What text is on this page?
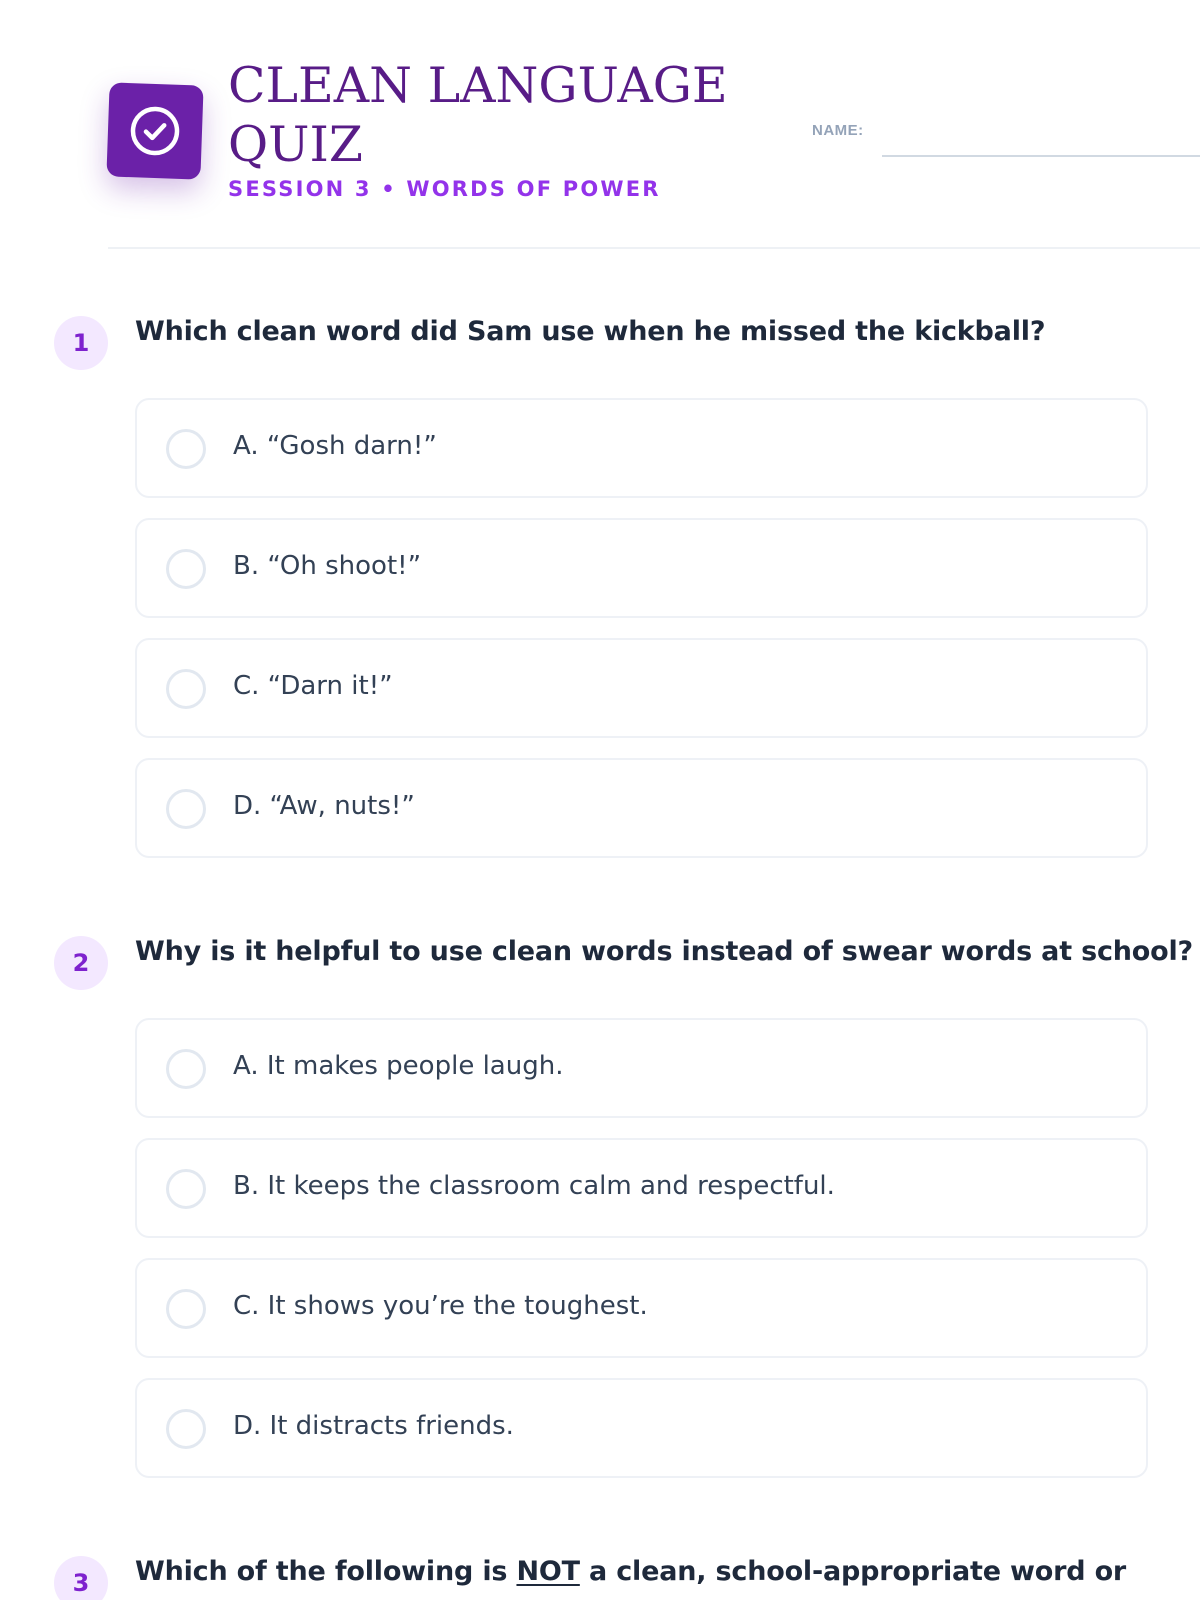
CLEAN LANGUAGE QUIZ
SESSION 3 • WORDS OF POWER
NAME:
1	Which clean word did Sam use when he missed the kickball?
A. “Gosh darn!”
B. “Oh shoot!”
C. “Darn it!”
D. “Aw, nuts!”
2	Why is it helpful to use clean words instead of swear words at school?
A. It makes people laugh.
B. It keeps the classroom calm and respectful.
C. It shows you’re the toughest.
D. It distracts friends.
3	Which of the following is NOT a clean, school-appropriate word or
